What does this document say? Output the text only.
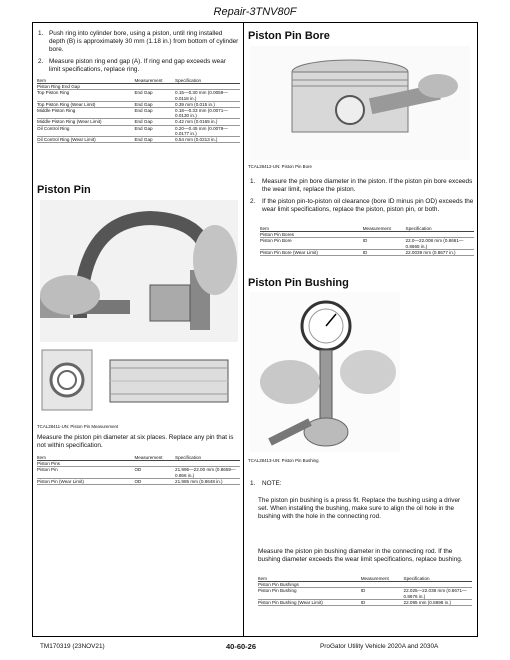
Repair-3TNV80F
1. Push ring into cylinder bore, using a piston, until ring installed depth (B) is approximately 30 mm (1.18 in.) from bottom of cylinder bore.
2. Measure piston ring end gap (A). If ring end gap exceeds wear limit specifications, replace ring.
Item	Measurement	Specification
Piston Ring End Gap		
Top Piston Ring	End Gap	0.15—0.30 mm (0.0059—0.0118 in.)
Top Piston Ring (Wear Limit)	End Gap	0.39 mm (0.015 in.)
Middle Piston Ring	End Gap	0.18—0.33 mm (0.0071—0.0130 in.)
Middle Piston Ring (Wear Limit)	End Gap	0.42 mm (0.0165 in.)
Oil Control Ring	End Gap	0.20—0.45 mm (0.0079—0.0177 in.)
Oil Control Ring (Wear Limit)	End Gap	0.54 mm (0.0213 in.)
Piston Pin
TCAL28411-UN: Piston Pin Measurement
Measure the piston pin diameter at six places. Replace any pin that is not within specification.
Item	Measurement	Specification
Piston Pins		
Piston Pin	OD	21.995—22.00 mm (0.8659—0.866 in.)
Piston Pin (Wear Limit)	OD	21.985 mm (0.8648 in.)
Piston Pin Bore
TCAL28412-UN: Piston Pin Bore
1. Measure the pin bore diameter in the piston. If the piston pin bore exceeds the wear limit, replace the piston.
2. If the piston pin-to-piston oil clearance (bore ID minus pin OD) exceeds the wear limit specifications, replace the piston, piston pin, or both.
Item	Measurement	Specification
Piston Pin Bores		
Piston Pin Bore	ID	22.0—22.008 mm (0.8661—0.8665 in.)
Piston Pin Bore (Wear Limit)	ID	22.0039 mm (0.8677 in.)
Piston Pin Bushing
TCAL28413-UN: Piston Pin Bushing
1. NOTE:
The piston pin bushing is a press fit. Replace the bushing using a driver set. When installing the bushing, make sure to align the oil hole in the bushing with the hole in the connecting rod.
Measure the piston pin bushing diameter in the connecting rod. If the bushing diameter exceeds the wear limit specifications, replace bushing.
Item	Measurement	Specification
Piston Pin Bushings		
Piston Pin Bushing	ID	22.025—22.038 mm (0.8671—0.8676 in.)
Piston Pin Bushing (Wear Limit)	ID	22.095 mm (0.8698 in.)
TM170319 (23NOV21)	40-60-26	ProGator Utility Vehicle 2020A and 2030A
